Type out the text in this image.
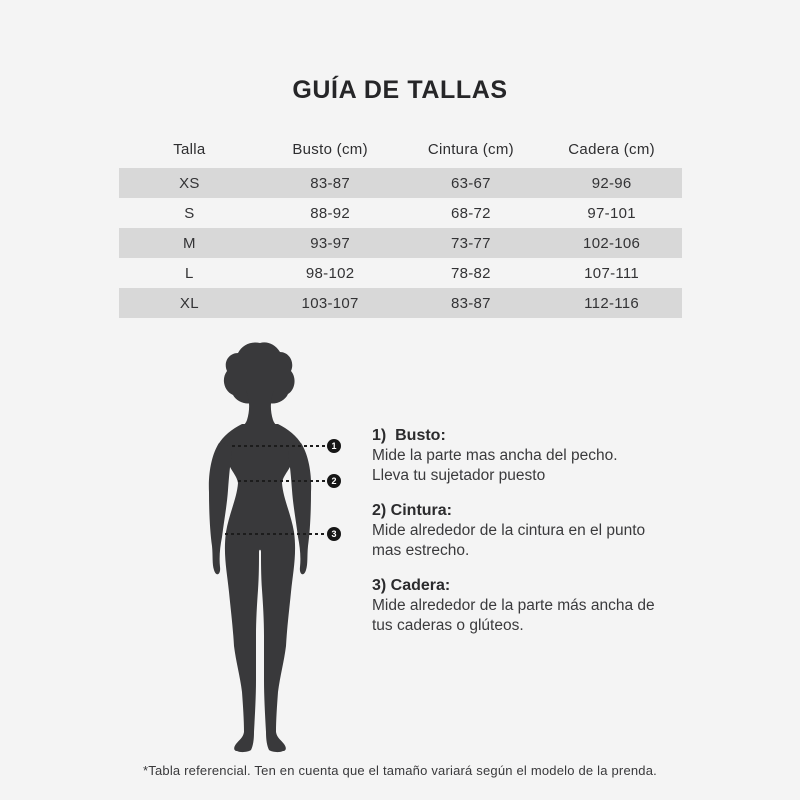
GUÍA DE TALLAS
Talla	Busto (cm)	Cintura (cm)	Cadera (cm)
XS	83-87	63-67	92-96
S	88-92	68-72	97-101
M	93-97	73-77	102-106
L	98-102	78-82	107-111
XL	103-107	83-87	112-116
1
2
3
1)  Busto:
Mide la parte mas ancha del pecho.
Lleva tu sujetador puesto
2) Cintura:
Mide alrededor de la cintura en el punto
mas estrecho.
3) Cadera:
Mide alrededor de la parte más ancha de
tus caderas o glúteos.
*Tabla referencial. Ten en cuenta que el tamaño variará según el modelo de la prenda.
